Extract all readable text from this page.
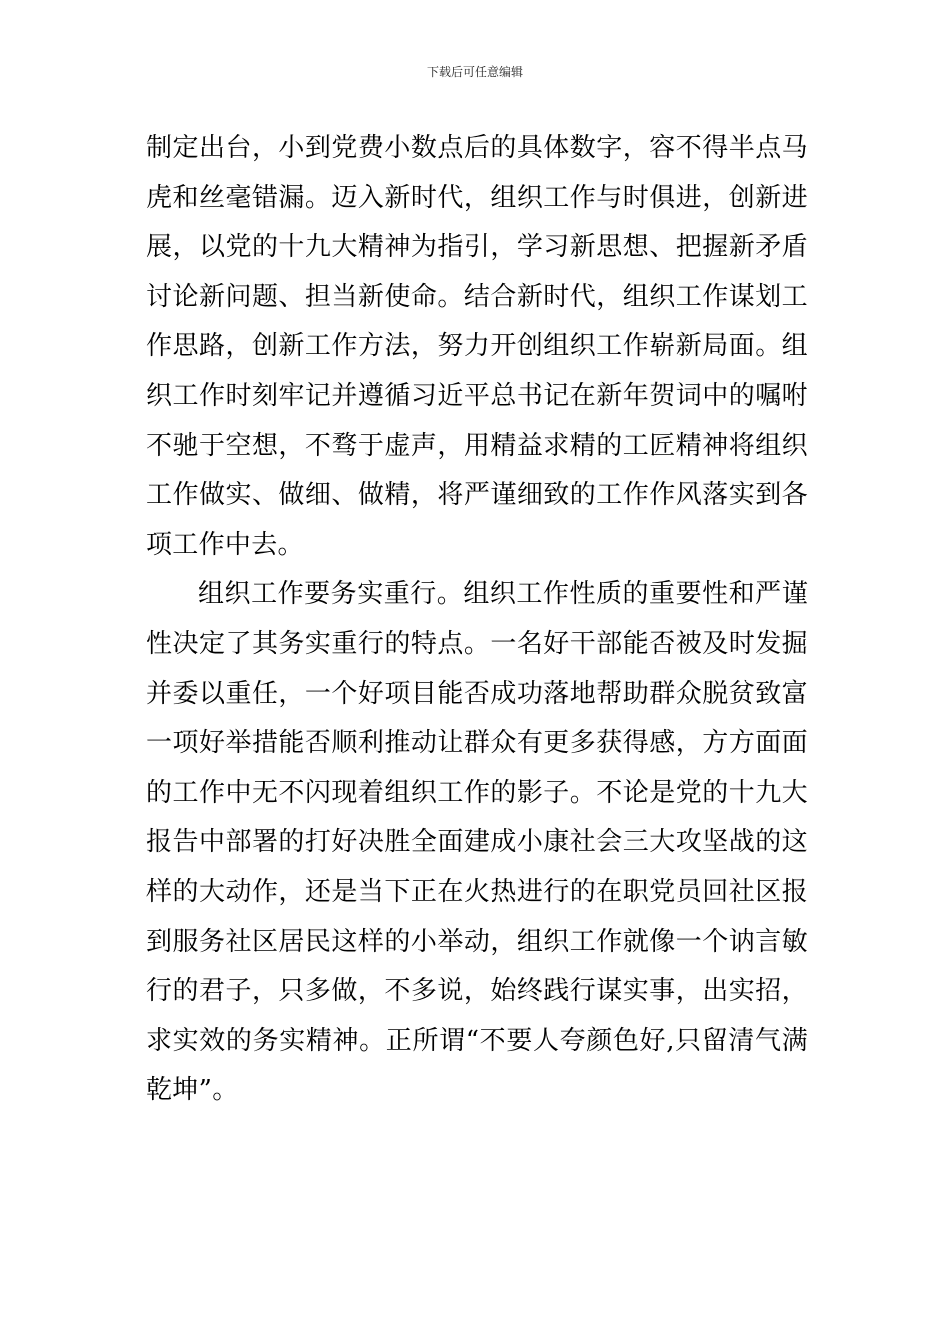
下载后可任意编辑
制定出台，小到党费小数点后的具体数字，容不得半点马
虎和丝毫错漏。迈入新时代，组织工作与时俱进，创新进
展，以党的十九大精神为指引，学习新思想、把握新矛盾
讨论新问题、担当新使命。结合新时代，组织工作谋划工
作思路，创新工作方法，努力开创组织工作崭新局面。组
织工作时刻牢记并遵循习近平总书记在新年贺词中的嘱咐
不驰于空想，不骛于虚声，用精益求精的工匠精神将组织
工作做实、做细、做精，将严谨细致的工作作风落实到各
项工作中去。
组织工作要务实重行。组织工作性质的重要性和严谨
性决定了其务实重行的特点。一名好干部能否被及时发掘
并委以重任，一个好项目能否成功落地帮助群众脱贫致富
一项好举措能否顺利推动让群众有更多获得感，方方面面
的工作中无不闪现着组织工作的影子。不论是党的十九大
报告中部署的打好决胜全面建成小康社会三大攻坚战的这
样的大动作，还是当下正在火热进行的在职党员回社区报
到服务社区居民这样的小举动，组织工作就像一个讷言敏
行的君子，只多做，不多说，始终践行谋实事，出实招，
求实效的务实精神。正所谓“不要人夸颜色好,只留清气满
乾坤”。
